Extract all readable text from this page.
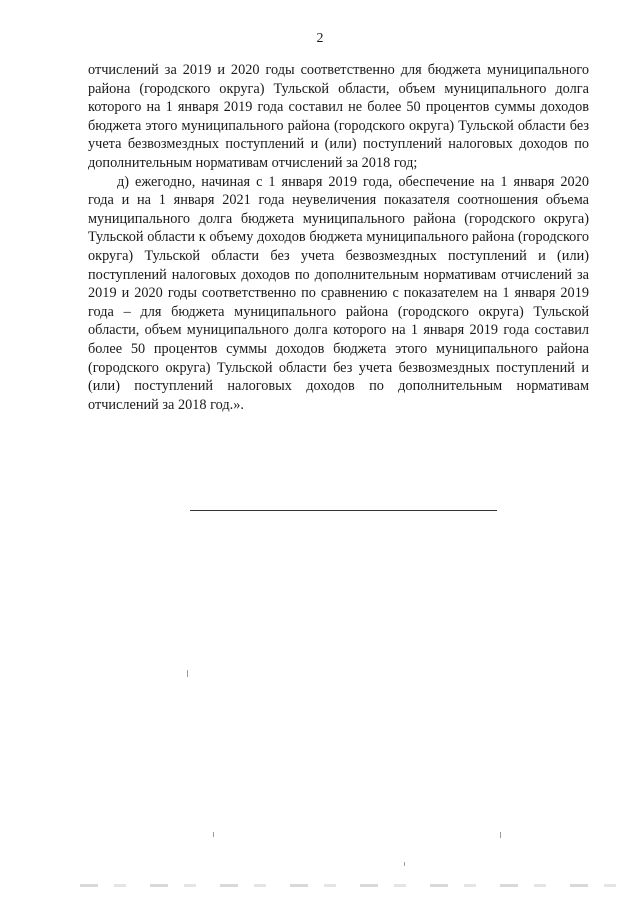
2

отчислений за 2019 и 2020 годы соответственно для бюджета муниципального района (городского округа) Тульской области, объем муниципального долга которого на 1 января 2019 года составил не более 50 процентов суммы доходов бюджета этого муниципального района (городского округа) Тульской области без учета безвозмездных поступлений и (или) поступлений налоговых доходов по дополнительным нормативам отчислений за 2018 год;

д) ежегодно, начиная с 1 января 2019 года, обеспечение на 1 января 2020 года и на 1 января 2021 года неувеличения показателя соотношения объема муниципального долга бюджета муниципального района (городского округа) Тульской области к объему доходов бюджета муниципального района (городского округа) Тульской области без учета безвозмездных поступлений и (или) поступлений налоговых доходов по дополнительным нормативам отчислений за 2019 и 2020 годы соответственно по сравнению с показателем на 1 января 2019 года – для бюджета муниципального района (городского округа) Тульской области, объем муниципального долга которого на 1 января 2019 года составил более 50 процентов суммы доходов бюджета этого муниципального района (городского округа) Тульской области без учета безвозмездных поступлений и (или) поступлений налоговых доходов по дополнительным нормативам отчислений за 2018 год.».
